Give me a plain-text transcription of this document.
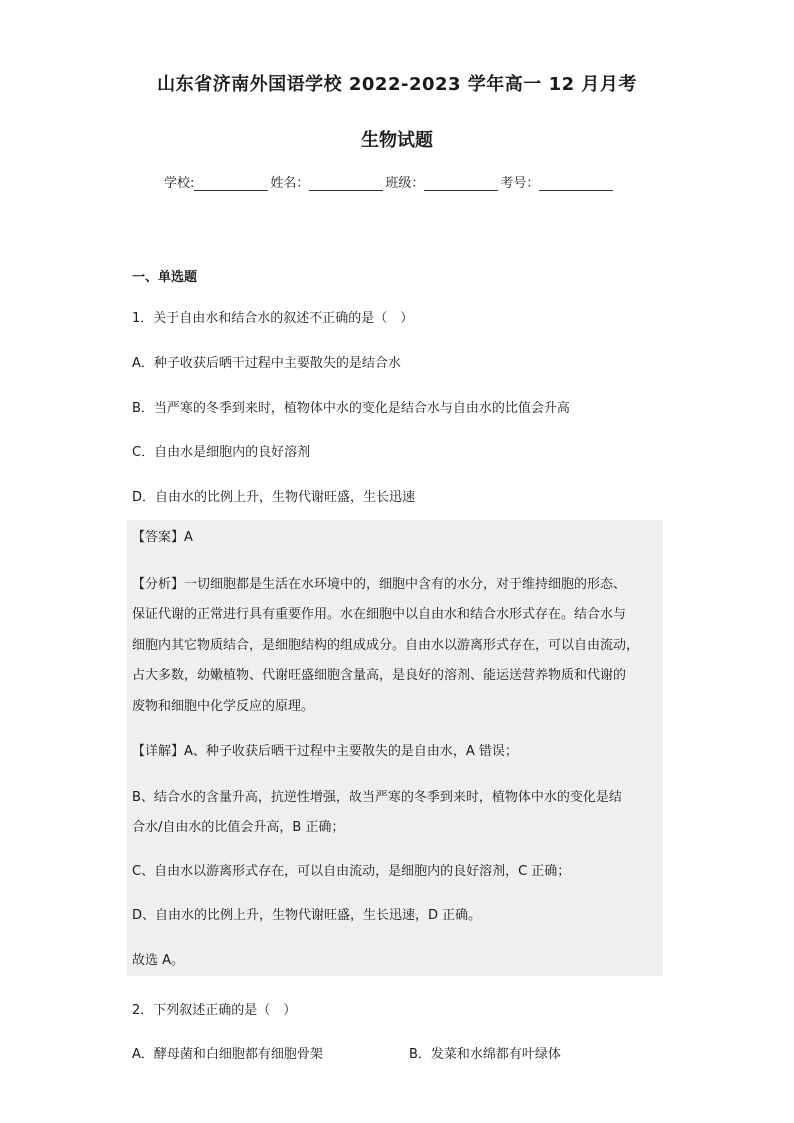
山东省济南外国语学校 2022-2023 学年高一 12 月月考
生物试题
学校:	姓名：	班级：	考号：
一、单选题
1．关于自由水和结合水的叙述不正确的是（　）
A．种子收获后晒干过程中主要散失的是结合水
B．当严寒的冬季到来时，植物体中水的变化是结合水与自由水的比值会升高
C．自由水是细胞内的良好溶剂
D．自由水的比例上升，生物代谢旺盛，生长迅速
【答案】A
【分析】一切细胞都是生活在水环境中的，细胞中含有的水分，对于维持细胞的形态、
保证代谢的正常进行具有重要作用。水在细胞中以自由水和结合水形式存在。结合水与
细胞内其它物质结合，是细胞结构的组成成分。自由水以游离形式存在，可以自由流动，
占大多数，幼嫩植物、代谢旺盛细胞含量高，是良好的溶剂、能运送营养物质和代谢的
废物和细胞中化学反应的原理。
【详解】A、种子收获后晒干过程中主要散失的是自由水，A 错误；
B、结合水的含量升高，抗逆性增强，故当严寒的冬季到来时，植物体中水的变化是结
合水/自由水的比值会升高，B 正确；
C、自由水以游离形式存在，可以自由流动，是细胞内的良好溶剂，C 正确；
D、自由水的比例上升，生物代谢旺盛，生长迅速，D 正确。
故选 A。
2．下列叙述正确的是（　）
A．酵母菌和白细胞都有细胞骨架	B．发菜和水绵都有叶绿体
